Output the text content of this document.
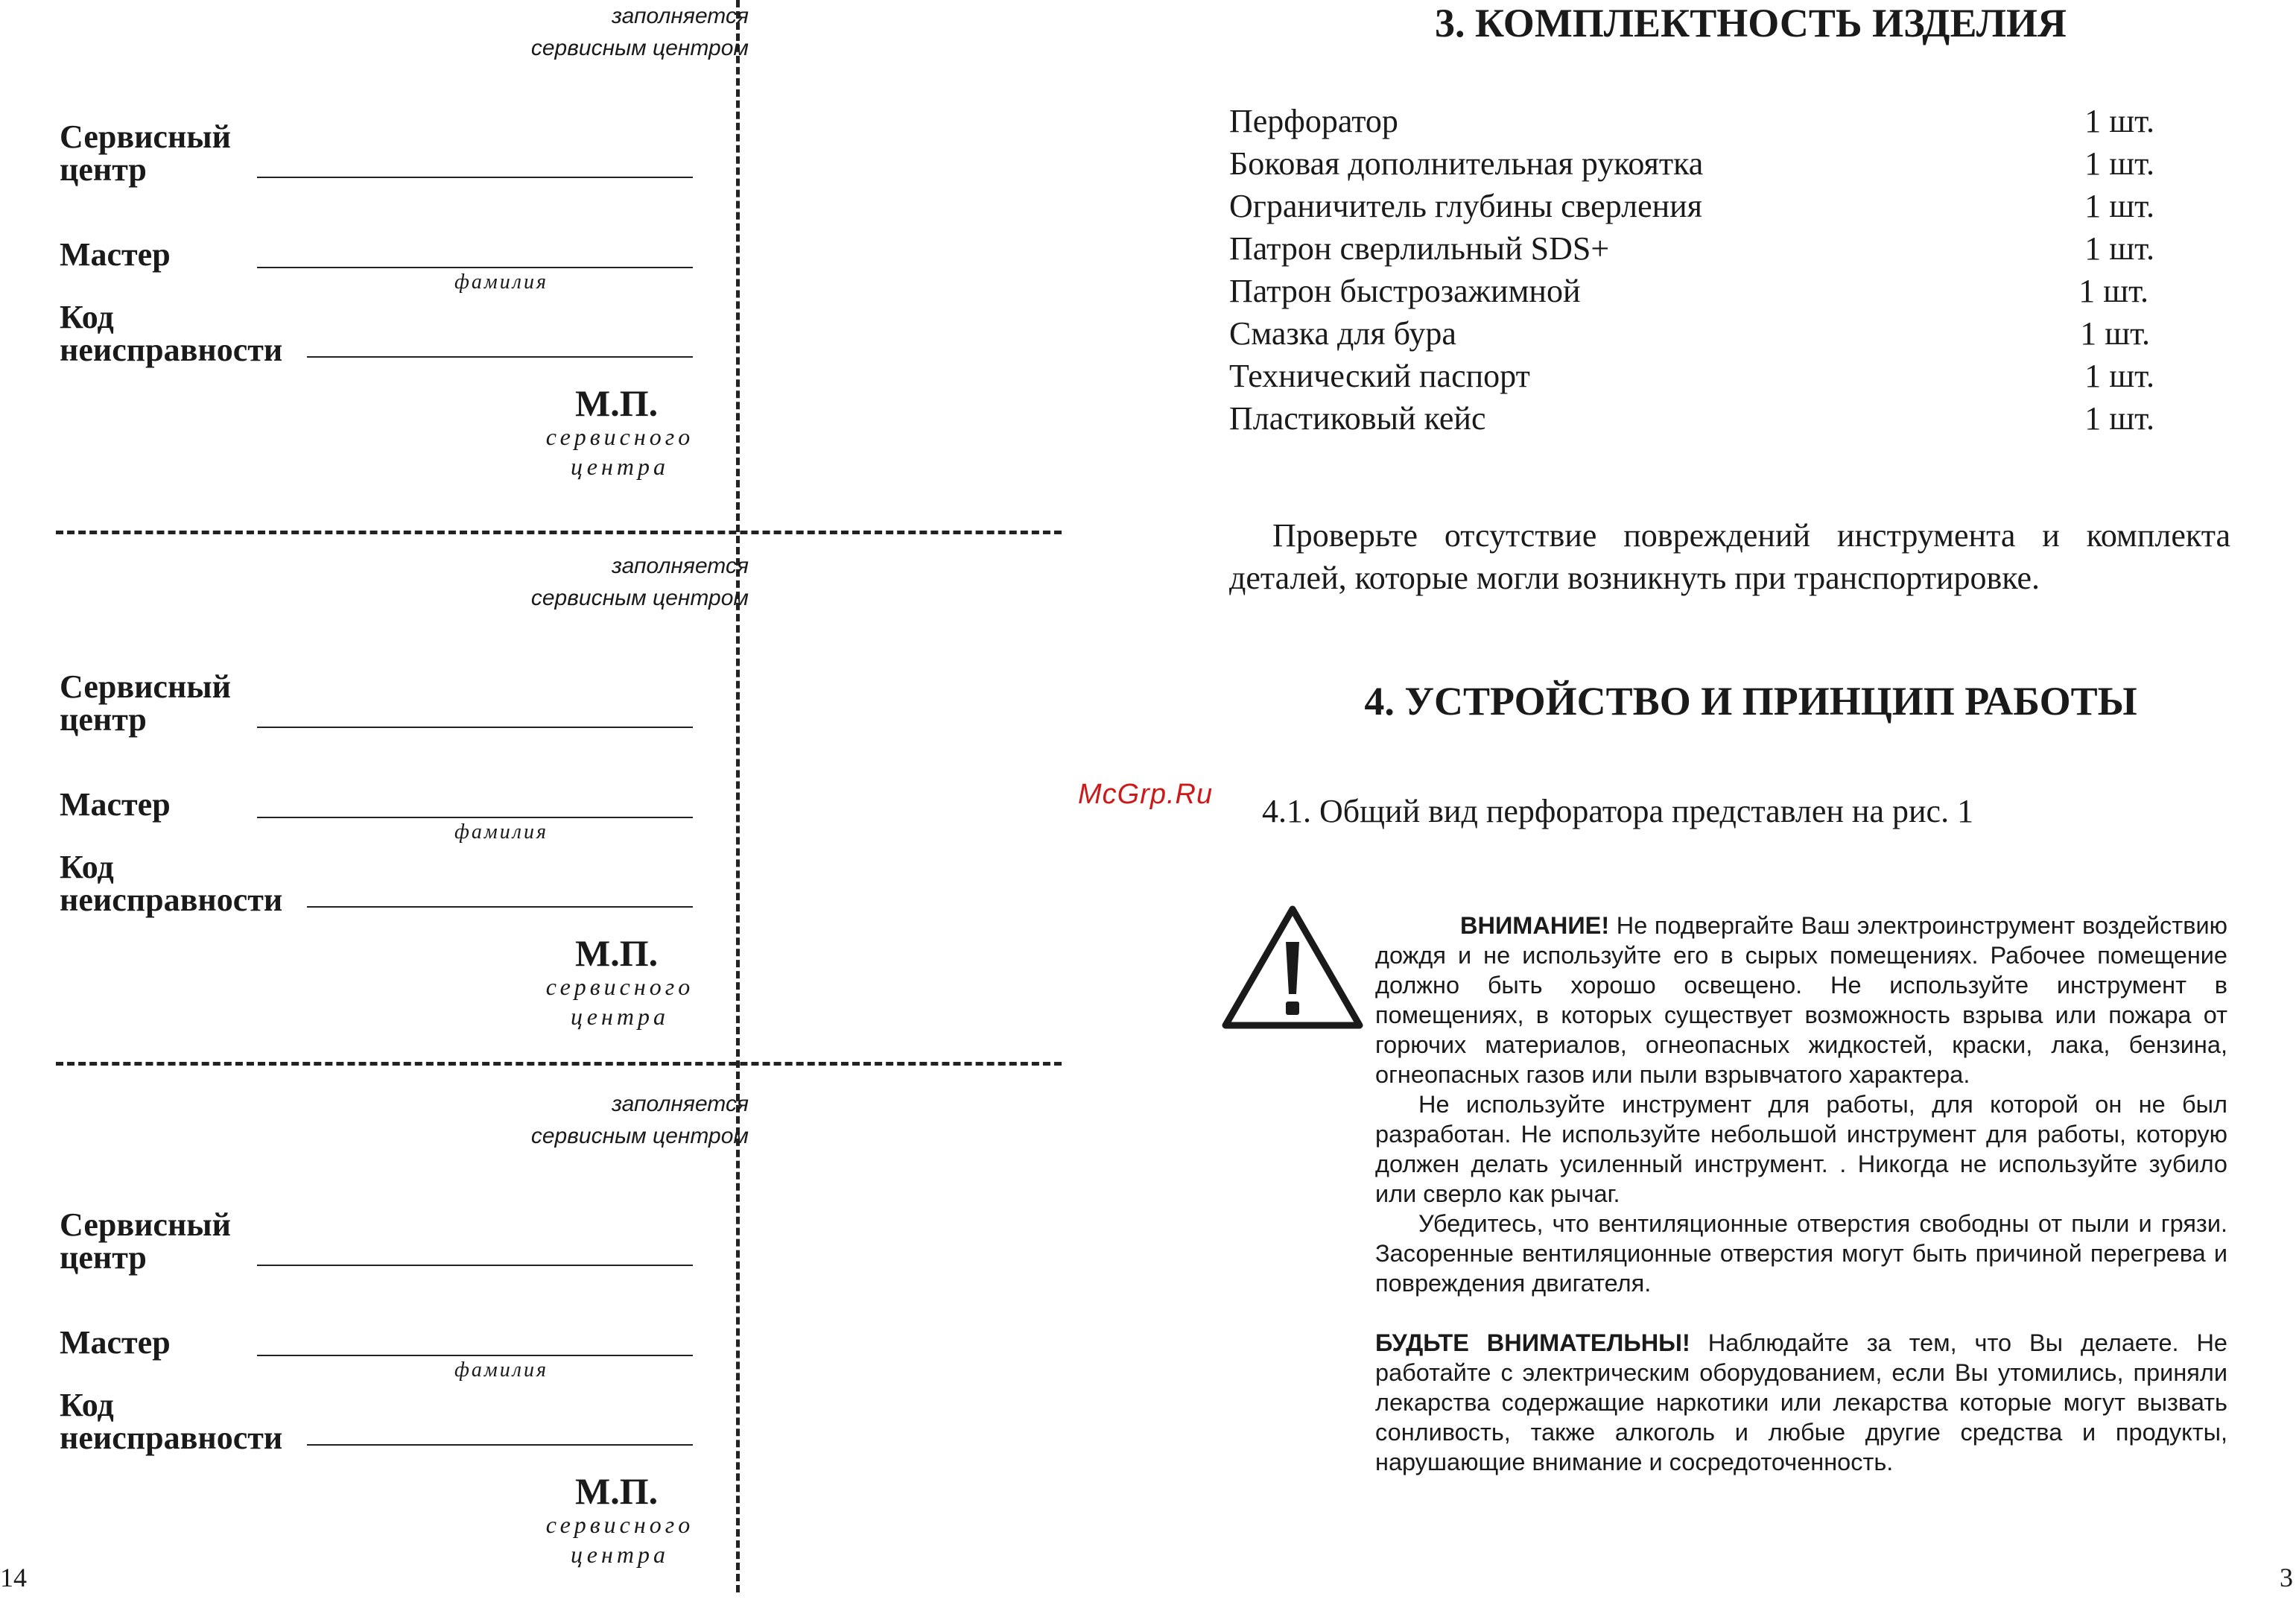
заполняется
сервисным центром
Сервисный
центр
Мастер
фамилия
Код
неисправности
М.П.
сервисного
центра
заполняется
сервисным центром
Сервисный
центр
Мастер
фамилия
Код
неисправности
М.П.
сервисного
центра
заполняется
сервисным центром
Сервисный
центр
Мастер
фамилия
Код
неисправности
М.П.
сервисного
центра
14
3. КОМПЛЕКТНОСТЬ ИЗДЕЛИЯ
Перфоратор	1 шт.
Боковая дополнительная рукоятка	1 шт.
Ограничитель глубины сверления	1 шт.
Патрон сверлильный SDS+	1 шт.
Патрон быстрозажимной	1 шт.
Смазка для бура	1 шт.
Технический паспорт	1 шт.
Пластиковый кейс	1 шт.
Проверьте отсутствие повреждений инструмента и комплекта деталей, которые могли возникнуть при транспортировке.
4. УСТРОЙСТВО И ПРИНЦИП РАБОТЫ
McGrp.Ru 4.1. Общий вид перфоратора представлен на рис. 1

ВНИМАНИЕ! Не подвергайте Ваш электроинструмент воздействию дождя и не используйте его в сырых помещениях. Рабочее помещение должно быть хорошо освещено. Не используйте инструмент в помещениях, в которых существует возможность взрыва или пожара от горючих материалов, огнеопасных жидкостей, краски, лака, бензина, огнеопасных газов или пыли взрывчатого характера.

Не используйте инструмент для работы, для которой он не был разработан. Не используйте небольшой инструмент для работы, которую должен делать усиленный инструмент. . Никогда не используйте зубило или сверло как рычаг.

Убедитесь, что вентиляционные отверстия свободны от пыли и грязи. Засоренные вентиляционные отверстия могут быть причиной перегрева и повреждения двигателя.

БУДЬТЕ ВНИМАТЕЛЬНЫ! Наблюдайте за тем, что Вы делаете. Не работайте с электрическим оборудованием, если Вы утомились, приняли лекарства содержащие наркотики или лекарства которые могут вызвать сонливость, также алкоголь и любые другие средства и продукты, нарушающие внимание и сосредоточенность.

3
